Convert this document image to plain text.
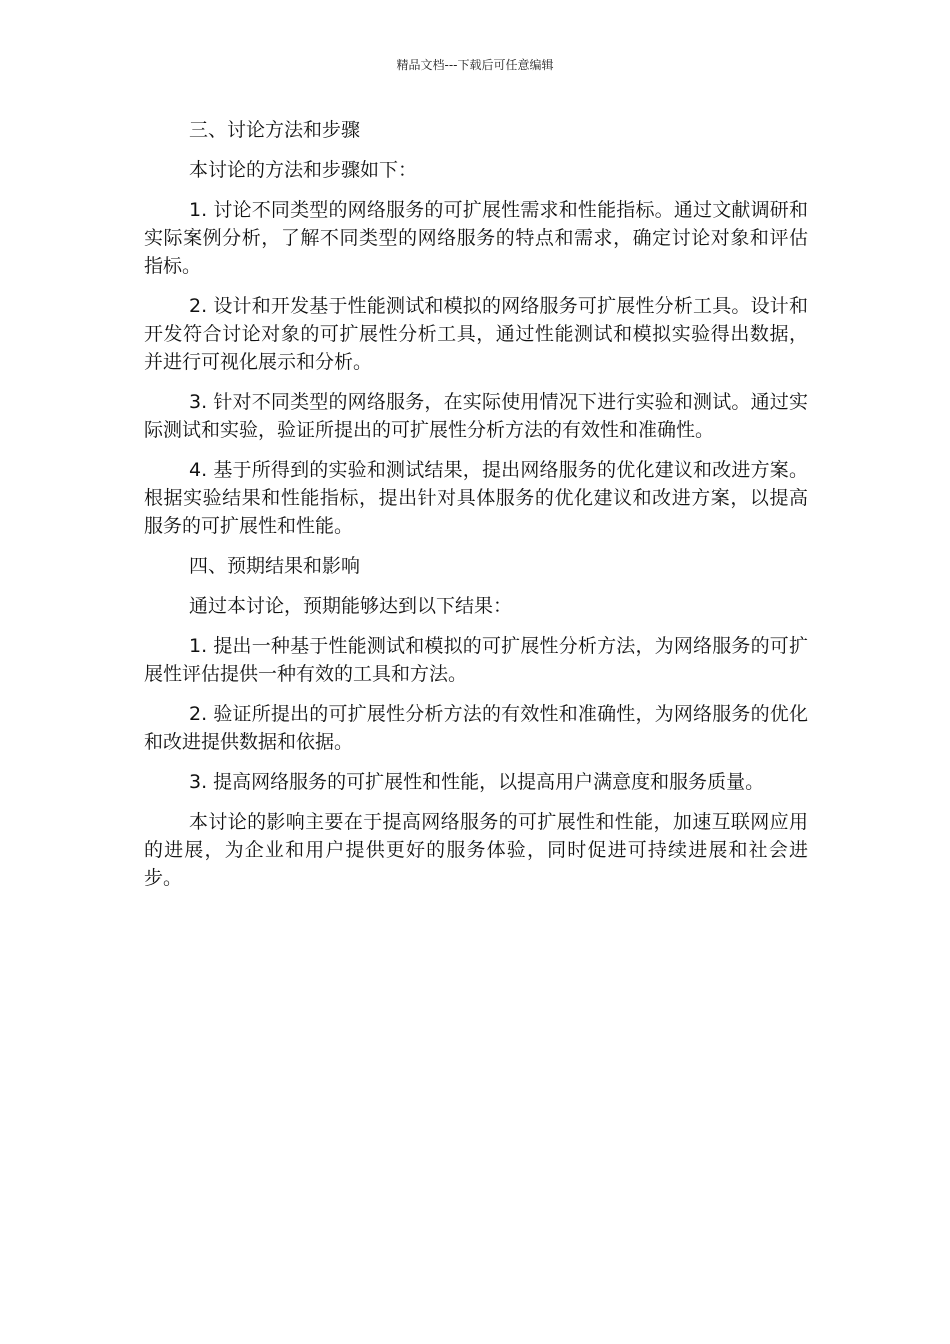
精品文档---下载后可任意编辑

三、讨论方法和步骤

本讨论的方法和步骤如下：

1. 讨论不同类型的网络服务的可扩展性需求和性能指标。通过文献调研和实际案例分析，了解不同类型的网络服务的特点和需求，确定讨论对象和评估指标。

2. 设计和开发基于性能测试和模拟的网络服务可扩展性分析工具。设计和开发符合讨论对象的可扩展性分析工具，通过性能测试和模拟实验得出数据，并进行可视化展示和分析。

3. 针对不同类型的网络服务，在实际使用情况下进行实验和测试。通过实际测试和实验，验证所提出的可扩展性分析方法的有效性和准确性。

4. 基于所得到的实验和测试结果，提出网络服务的优化建议和改进方案。根据实验结果和性能指标，提出针对具体服务的优化建议和改进方案，以提高服务的可扩展性和性能。

四、预期结果和影响

通过本讨论，预期能够达到以下结果：

1. 提出一种基于性能测试和模拟的可扩展性分析方法，为网络服务的可扩展性评估提供一种有效的工具和方法。

2. 验证所提出的可扩展性分析方法的有效性和准确性，为网络服务的优化和改进提供数据和依据。

3. 提高网络服务的可扩展性和性能，以提高用户满意度和服务质量。

本讨论的影响主要在于提高网络服务的可扩展性和性能，加速互联网应用的进展，为企业和用户提供更好的服务体验，同时促进可持续进展和社会进步。
